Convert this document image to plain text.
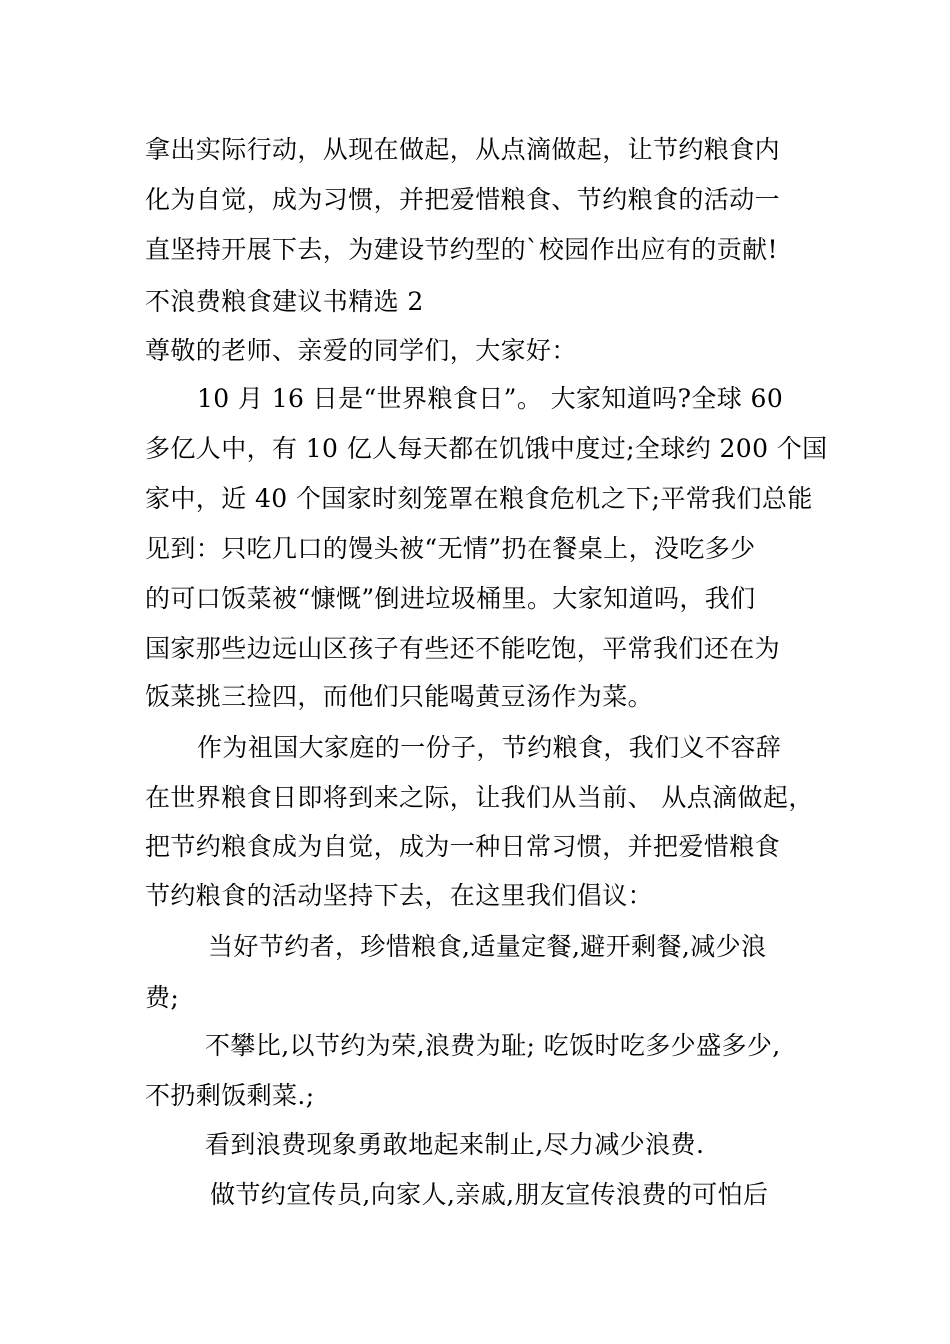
拿出实际行动，从现在做起，从点滴做起，让节约粮食内
化为自觉，成为习惯，并把爱惜粮食、节约粮食的活动一
直坚持开展下去，为建设节约型的`校园作出应有的贡献!
不浪费粮食建议书精选 2
尊敬的老师、亲爱的同学们，大家好：
10 月 16 日是“世界粮食日”。 大家知道吗?全球 60
多亿人中，有 10 亿人每天都在饥饿中度过;全球约 200 个国
家中，近 40 个国家时刻笼罩在粮食危机之下;平常我们总能
见到：只吃几口的馒头被“无情”扔在餐桌上，没吃多少
的可口饭菜被“慷慨”倒进垃圾桶里。大家知道吗，我们
国家那些边远山区孩子有些还不能吃饱，平常我们还在为
饭菜挑三捡四，而他们只能喝黄豆汤作为菜。
作为祖国大家庭的一份子，节约粮食，我们义不容辞
在世界粮食日即将到来之际，让我们从当前、 从点滴做起，
把节约粮食成为自觉，成为一种日常习惯，并把爱惜粮食
节约粮食的活动坚持下去，在这里我们倡议：
当好节约者，珍惜粮食,适量定餐,避开剩餐,减少浪
费;
不攀比,以节约为荣,浪费为耻; 吃饭时吃多少盛多少,
不扔剩饭剩菜.;
看到浪费现象勇敢地起来制止,尽力减少浪费.
做节约宣传员,向家人,亲戚,朋友宣传浪费的可怕后
